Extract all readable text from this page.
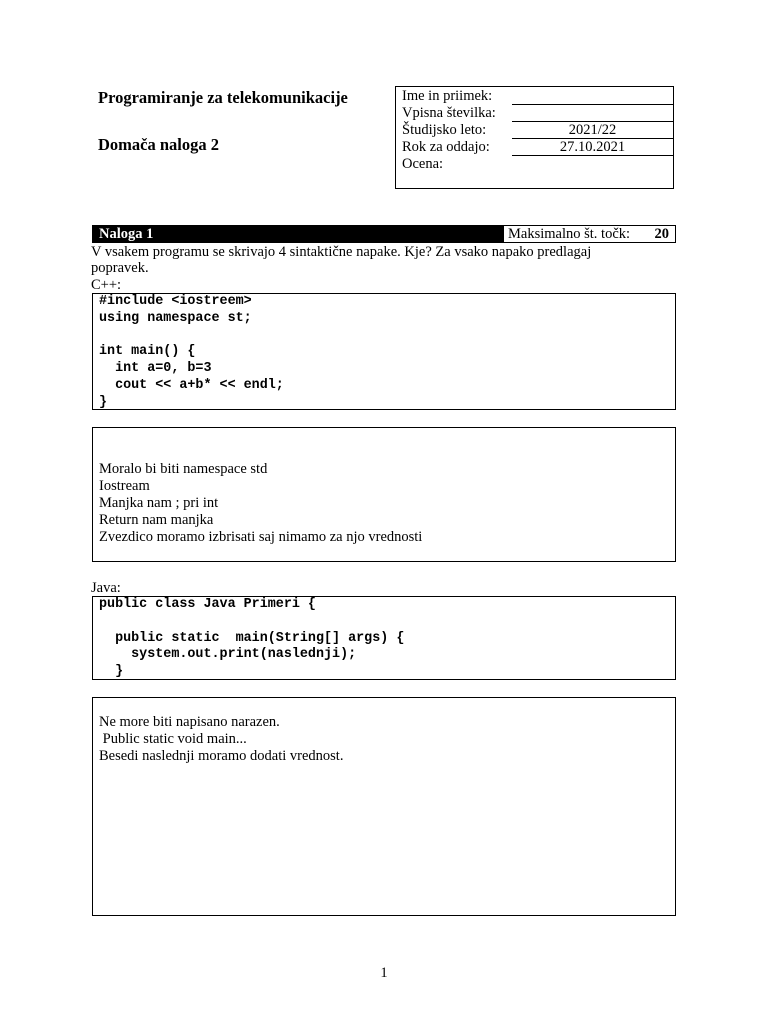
Programiranje za telekomunikacije
Domača naloga 2
Ime in priimek:
Vpisna številka:
Študijsko leto:	2021/22
Rok za oddajo:	27.10.2021
Ocena:
Naloga 1	Maksimalno št. točk: 20
V vsakem programu se skrivajo 4 sintaktične napake. Kje? Za vsako napako predlagaj popravek.
C++:
#include <iostreem>
using namespace st;
int main() {
int a=0, b=3
cout << a+b* << endl;
}
Moralo bi biti namespace std
Iostream
Manjka nam ; pri int
Return nam manjka
Zvezdico moramo izbrisati saj nimamo za njo vrednosti
Java:
public class Java Primeri {
public static  main(String[] args) {
system.out.print(naslednji);
}
Ne more biti napisano narazen.
Public static void main...
Besedi naslednji moramo dodati vrednost.
1
